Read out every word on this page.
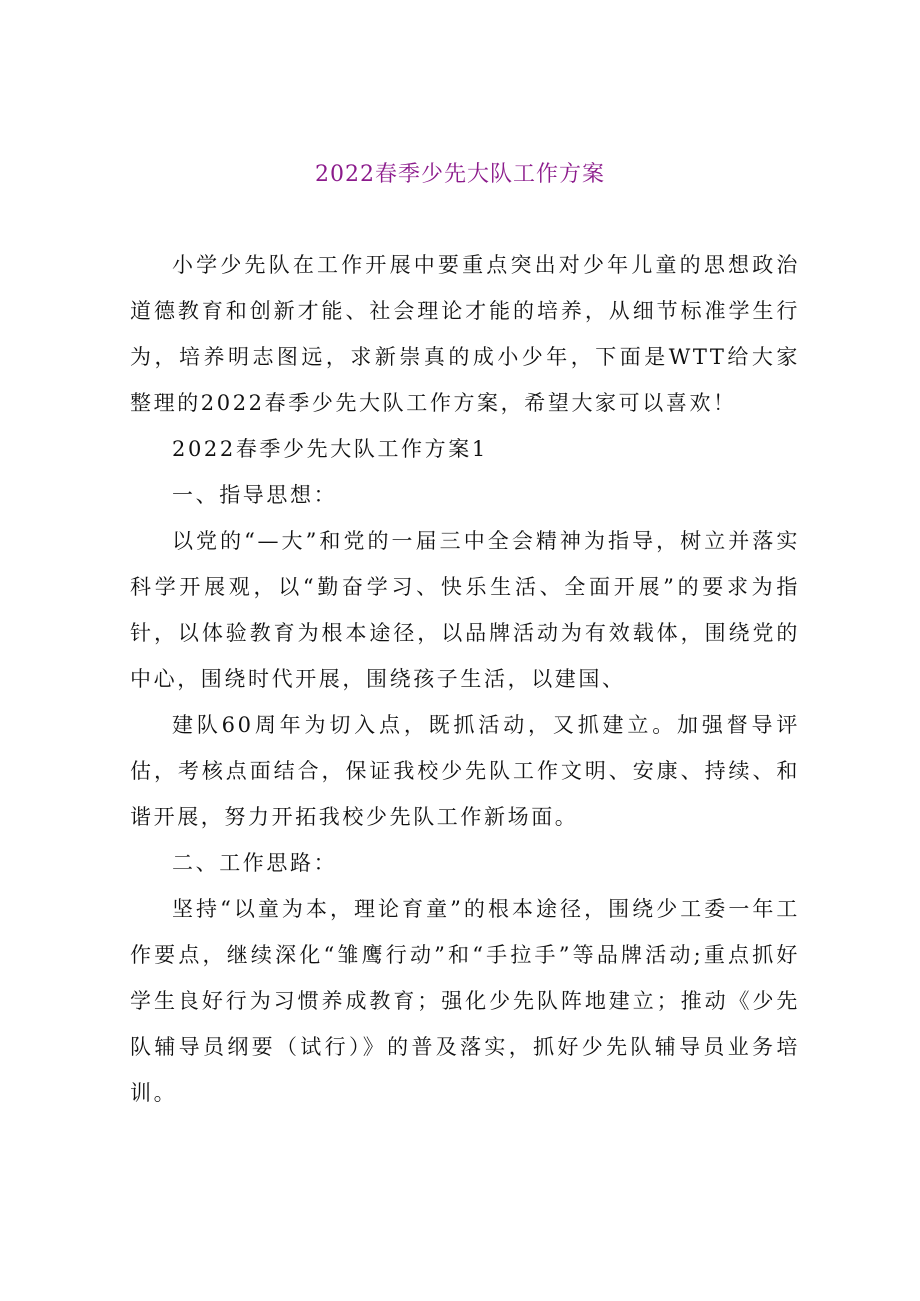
2022春季少先大队工作方案

小学少先队在工作开展中要重点突出对少年儿童的思想政治道德教育和创新才能、社会理论才能的培养，从细节标准学生行为，培养明志图远，求新崇真的成小少年，下面是WTT给大家整理的2022春季少先大队工作方案，希望大家可以喜欢！

2022春季少先大队工作方案1

一、指导思想：

以党的“—大”和党的一届三中全会精神为指导，树立并落实科学开展观，以“勤奋学习、快乐生活、全面开展”的要求为指针，以体验教育为根本途径，以品牌活动为有效载体，围绕党的中心，围绕时代开展，围绕孩子生活，以建国、

建队60周年为切入点，既抓活动，又抓建立。加强督导评估，考核点面结合，保证我校少先队工作文明、安康、持续、和谐开展，努力开拓我校少先队工作新场面。

二、工作思路：

坚持“以童为本，理论育童”的根本途径，围绕少工委一年工作要点，继续深化“雏鹰行动”和“手拉手”等品牌活动;重点抓好学生良好行为习惯养成教育；强化少先队阵地建立；推动《少先队辅导员纲要（试行）》的普及落实，抓好少先队辅导员业务培训。
